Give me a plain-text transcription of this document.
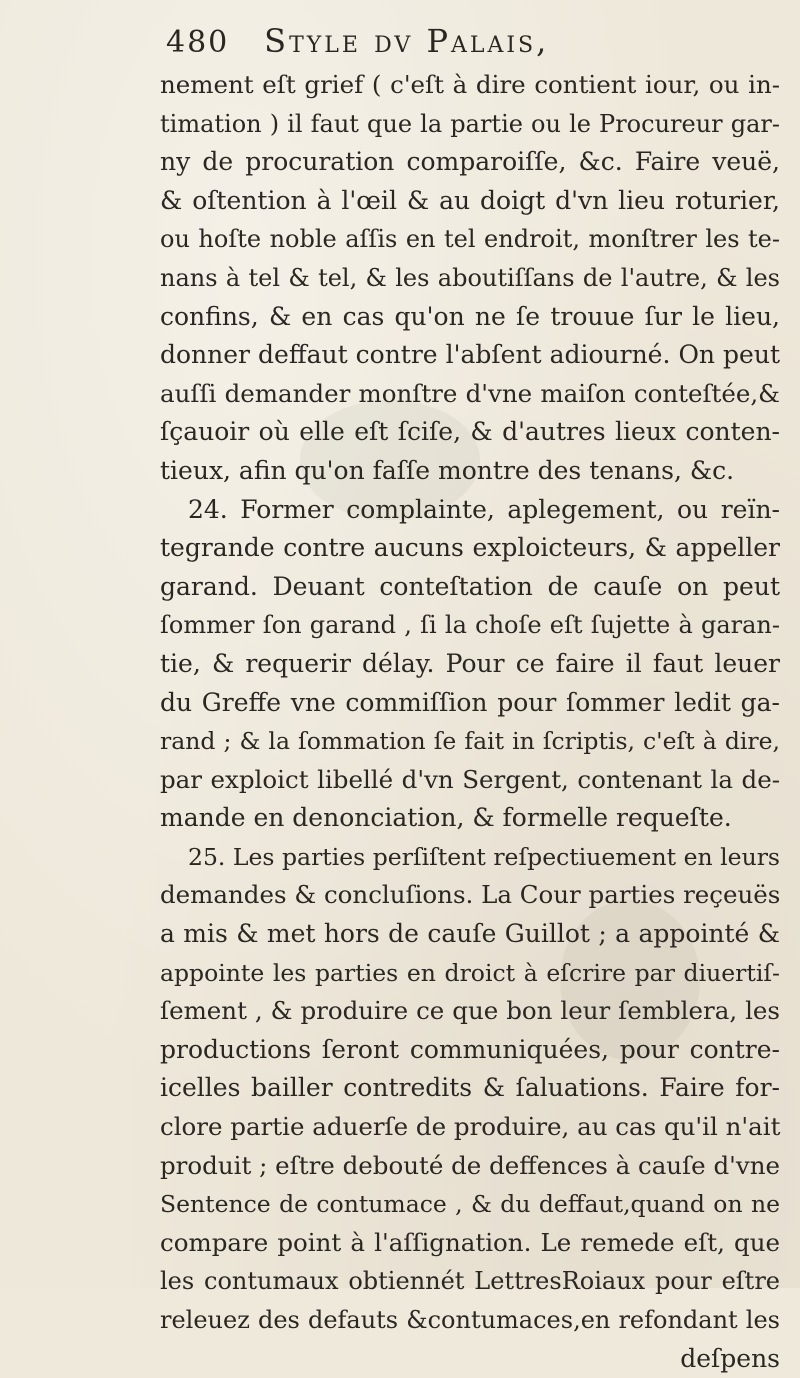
480 Style dv Palais,
nement eſt grief ( c'eſt à dire contient iour, ou in-
timation ) il faut que la partie ou le Procureur gar-
ny de procuration comparoiſſe, &c. Faire veuë,
& oſtention à l'œil & au doigt d'vn lieu roturier,
ou hoſte noble aſſis en tel endroit, monſtrer les te-
nans à tel & tel, & les aboutiſſans de l'autre, & les
confins, & en cas qu'on ne ſe trouue ſur le lieu,
donner deffaut contre l'abſent adiourné. On peut
auſſi demander monſtre d'vne maiſon conteſtée,&
ſçauoir où elle eſt ſciſe, & d'autres lieux conten-
tieux, afin qu'on faſſe montre des tenans, &c.
24. Former complainte, aplegement, ou reïn-
tegrande contre aucuns exploicteurs, & appeller
garand. Deuant conteſtation de cauſe on peut
ſommer ſon garand , ſi la choſe eſt ſujette à garan-
tie, & requerir délay. Pour ce faire il faut leuer
du Greffe vne commiſſion pour ſommer ledit ga-
rand ; & la ſommation ſe fait in ſcriptis, c'eſt à dire,
par exploict libellé d'vn Sergent, contenant la de-
mande en denonciation, & formelle requeſte.
25. Les parties perſiſtent reſpectiuement en leurs
demandes & concluſions. La Cour parties reçeuës
a mis & met hors de cauſe Guillot ; a appointé &
appointe les parties en droict à eſcrire par diuertiſ-
ſement , & produire ce que bon leur ſemblera, les
productions ſeront communiquées, pour contre-
icelles bailler contredits & ſaluations. Faire for-
clore partie aduerſe de produire, au cas qu'il n'ait
produit ; eſtre debouté de deffences à cauſe d'vne
Sentence de contumace , & du deffaut,quand on ne
compare point à l'aſſignation. Le remede eſt, que
les contumaux obtiennét LettresRoiaux pour eſtre
releuez des defauts &contumaces,en refondant les
deſpens
